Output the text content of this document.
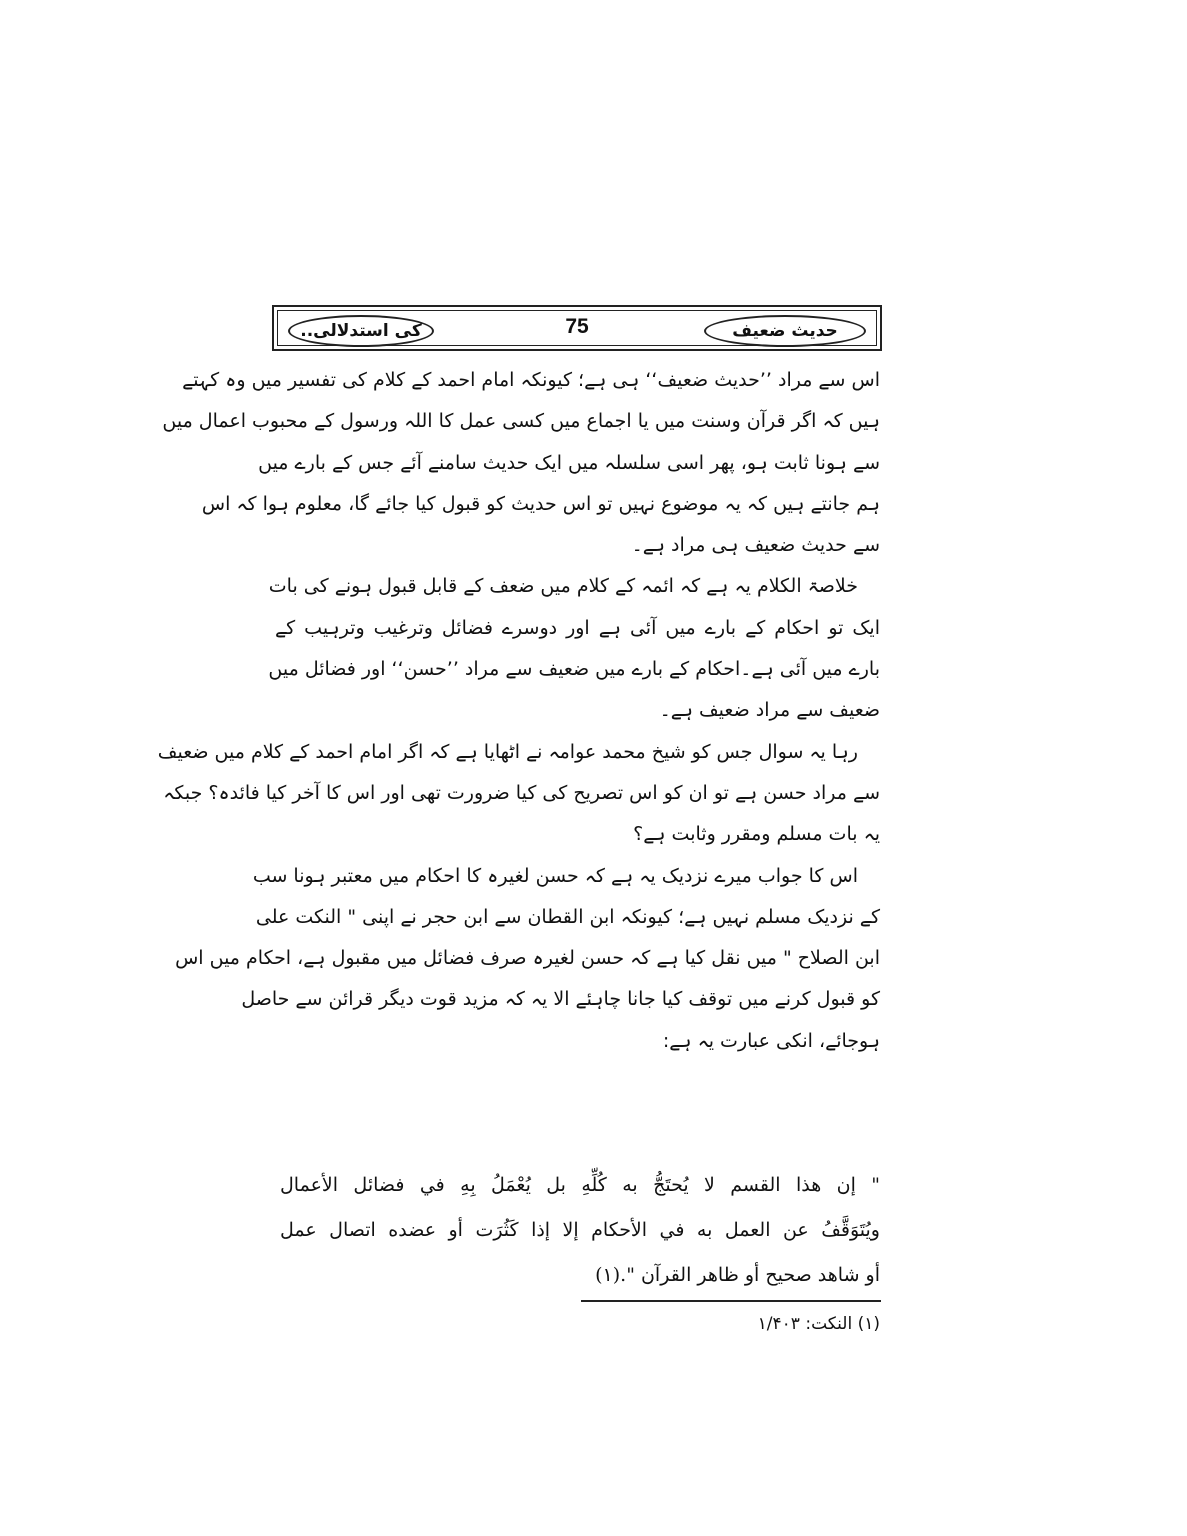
حدیث ضعیف
75
کی استدلالی..
اس سے مراد ’’حدیث ضعیف‘‘ ہی ہے؛ کیونکہ امام احمد کے کلام کی تفسیر میں وہ کہتے
ہیں کہ اگر قرآن وسنت میں یا اجماع میں کسی عمل کا اللہ ورسول کے محبوب اعمال میں
سے ہونا ثابت ہو، پھر اسی سلسلہ میں ایک حدیث سامنے آئے جس کے بارے میں
ہم جانتے ہیں کہ یہ موضوع نہیں تو اس حدیث کو قبول کیا جائے گا، معلوم ہوا کہ اس
سے حدیث ضعیف ہی مراد ہے۔
خلاصۃ الکلام یہ ہے کہ ائمہ کے کلام میں ضعف کے قابل قبول ہونے کی بات
ایک تو احکام کے بارے میں آئی ہے اور دوسرے فضائل وترغیب وترہیب کے
بارے میں آئی ہے۔احکام کے بارے میں ضعیف سے مراد ’’حسن‘‘ اور فضائل میں
ضعیف سے مراد ضعیف ہے۔
رہا یہ سوال جس کو شیخ محمد عوامہ نے اٹھایا ہے کہ اگر امام احمد کے کلام میں ضعیف
سے مراد حسن ہے تو ان کو اس تصریح کی کیا ضرورت تھی اور اس کا آخر کیا فائدہ؟ جبکہ
یہ بات مسلم ومقرر وثابت ہے؟
اس کا جواب میرے نزدیک یہ ہے کہ حسن لغیرہ کا احکام میں معتبر ہونا سب
کے نزدیک مسلم نہیں ہے؛ کیونکہ ابن القطان سے ابن حجر نے اپنی " النکت علی
ابن الصلاح " میں نقل کیا ہے کہ حسن لغیرہ صرف فضائل میں مقبول ہے، احکام میں اس
کو قبول کرنے میں توقف کیا جانا چاہئے الا یہ کہ مزید قوت دیگر قرائن سے حاصل
ہوجائے، انکی عبارت یہ ہے:
" إن هذا القسم لا يُحتَجُّ به كُلِّهِ بل يُعْمَلُ بِهِ في فضائل الأعمال
ويُتَوَقَّفُ عن العمل به في الأحكام إلا إذا كَثُرَت أو عضده اتصال عمل
أو شاهد صحيح أو ظاهر القرآن ".(١)
(۱) النکت: ۱/۴۰۳
